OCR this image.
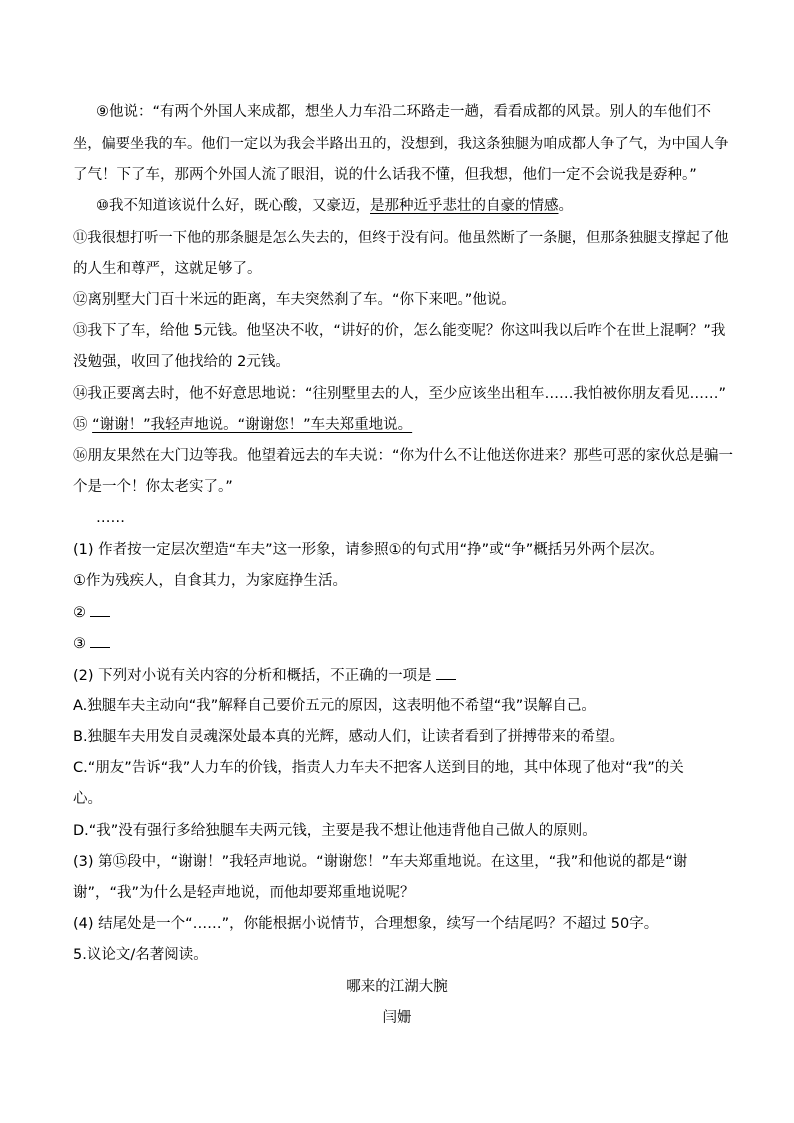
⑨他说：“有两个外国人来成都，想坐人力车沿二环路走一趟，看看成都的风景。别人的车他们不
坐，偏要坐我的车。他们一定以为我会半路出丑的，没想到，我这条独腿为咱成都人争了气，为中国人争
了气！下了车，那两个外国人流了眼泪，说的什么话我不懂，但我想，他们一定不会说我是孬种。”
⑩我不知道该说什么好，既心酸，又豪迈，是那种近乎悲壮的自豪的情感。
⑪我很想打听一下他的那条腿是怎么失去的，但终于没有问。他虽然断了一条腿，但那条独腿支撑起了他
的人生和尊严，这就足够了。
⑫离别墅大门百十米远的距离，车夫突然刹了车。“你下来吧。”他说。
⑬我下了车，给他 5元钱。他坚决不收，“讲好的价，怎么能变呢？你这叫我以后咋个在世上混啊？”我
没勉强，收回了他找给的 2元钱。
⑭我正要离去时，他不好意思地说：“往别墅里去的人，至少应该坐出租车……我怕被你朋友看见……”
⑮ “谢谢！”我轻声地说。“谢谢您！”车夫郑重地说。
⑯朋友果然在大门边等我。他望着远去的车夫说：“你为什么不让他送你进来？那些可恶的家伙总是骗一
个是一个！你太老实了。”
……
(1) 作者按一定层次塑造“车夫”这一形象，请参照①的句式用“挣”或“争”概括另外两个层次。
①作为残疾人，自食其力，为家庭挣生活。
②
③
(2) 下列对小说有关内容的分析和概括，不正确的一项是
A.独腿车夫主动向“我”解释自己要价五元的原因，这表明他不希望“我”误解自己。
B.独腿车夫用发自灵魂深处最本真的光辉，感动人们，让读者看到了拼搏带来的希望。
C.“朋友”告诉“我”人力车的价钱，指责人力车夫不把客人送到目的地，其中体现了他对“我”的关
心。
D.“我”没有强行多给独腿车夫两元钱，主要是我不想让他违背他自己做人的原则。
(3) 第⑮段中，“谢谢！”我轻声地说。“谢谢您！”车夫郑重地说。在这里，“我”和他说的都是“谢
谢”，“我”为什么是轻声地说，而他却要郑重地说呢？
(4) 结尾处是一个“……”，你能根据小说情节，合理想象，续写一个结尾吗？不超过 50字。
5.议论文/名著阅读。
哪来的江湖大腕
闫姗
